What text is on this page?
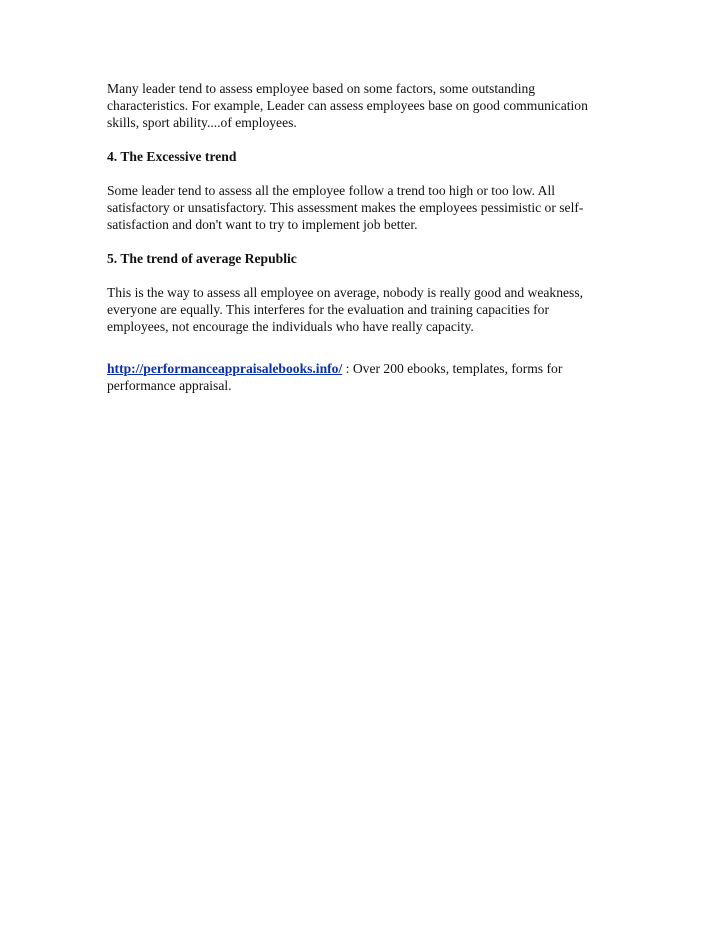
Many leader tend to assess employee based on some factors, some outstanding
characteristics. For example, Leader can assess employees base on good communication
skills, sport ability....of employees.
4. The Excessive trend
Some leader tend to assess all the employee follow a trend too high or too low. All
satisfactory or unsatisfactory. This assessment makes the employees pessimistic or self-
satisfaction and don't want to try to implement job better.
5. The trend of average Republic
This is the way to assess all employee on average, nobody is really good and weakness,
everyone are equally. This interferes for the evaluation and training capacities for
employees, not encourage the individuals who have really capacity.
http://performanceappraisalebooks.info/ : Over 200 ebooks, templates, forms for
performance appraisal.
